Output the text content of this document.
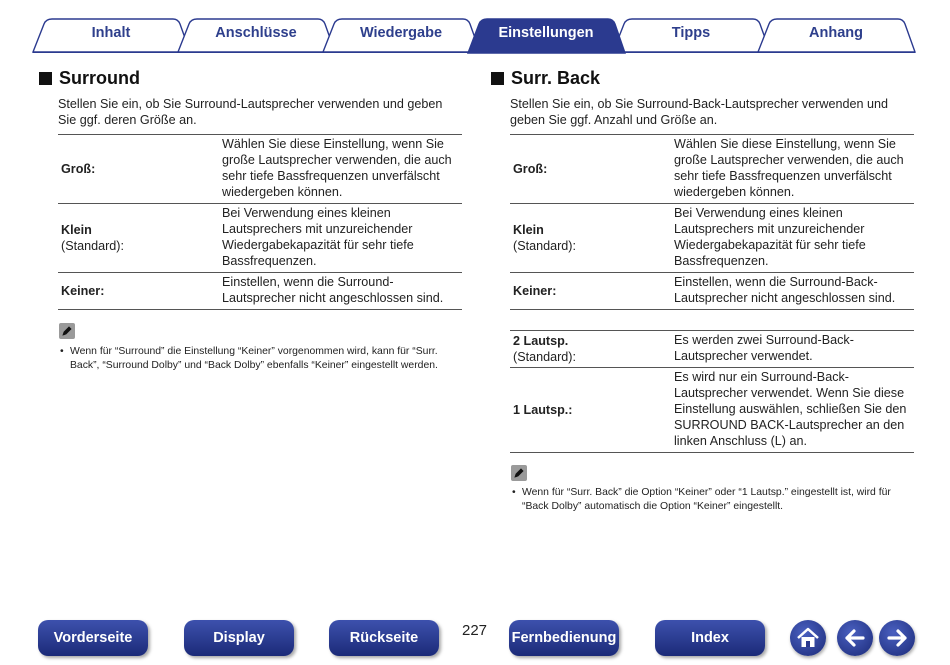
Inhalt	Anschlüsse	Wiedergabe	Einstellungen	Tipps	Anhang
Surround
Stellen Sie ein, ob Sie Surround-Lautsprecher verwenden und geben Sie ggf. deren Größe an.
Groß:	Wählen Sie diese Einstellung, wenn Sie große Lautsprecher verwenden, die auch sehr tiefe Bassfrequenzen unverfälscht wiedergeben können.
Klein
(Standard):	Bei Verwendung eines kleinen Lautsprechers mit unzureichender Wiedergabekapazität für sehr tiefe Bassfrequenzen.
Keiner:	Einstellen, wenn die Surround-Lautsprecher nicht angeschlossen sind.
• Wenn für “Surround” die Einstellung “Keiner” vorgenommen wird, kann für “Surr. Back”, “Surround Dolby” und “Back Dolby” ebenfalls “Keiner” eingestellt werden.
Surr. Back
Stellen Sie ein, ob Sie Surround-Back-Lautsprecher verwenden und geben Sie ggf. Anzahl und Größe an.
Groß:	Wählen Sie diese Einstellung, wenn Sie große Lautsprecher verwenden, die auch sehr tiefe Bassfrequenzen unverfälscht wiedergeben können.
Klein
(Standard):	Bei Verwendung eines kleinen Lautsprechers mit unzureichender Wiedergabekapazität für sehr tiefe Bassfrequenzen.
Keiner:	Einstellen, wenn die Surround-Back-Lautsprecher nicht angeschlossen sind.
2 Lautsp.
(Standard):	Es werden zwei Surround-Back-Lautsprecher verwendet.
1 Lautsp.:	Es wird nur ein Surround-Back-Lautsprecher verwendet. Wenn Sie diese Einstellung auswählen, schließen Sie den SURROUND BACK-Lautsprecher an den linken Anschluss (L) an.
• Wenn für “Surr. Back” die Option “Keiner” oder “1 Lautsp.” eingestellt ist, wird für “Back Dolby” automatisch die Option “Keiner” eingestellt.
Vorderseite	Display	Rückseite	227 Fernbedienung	Index
